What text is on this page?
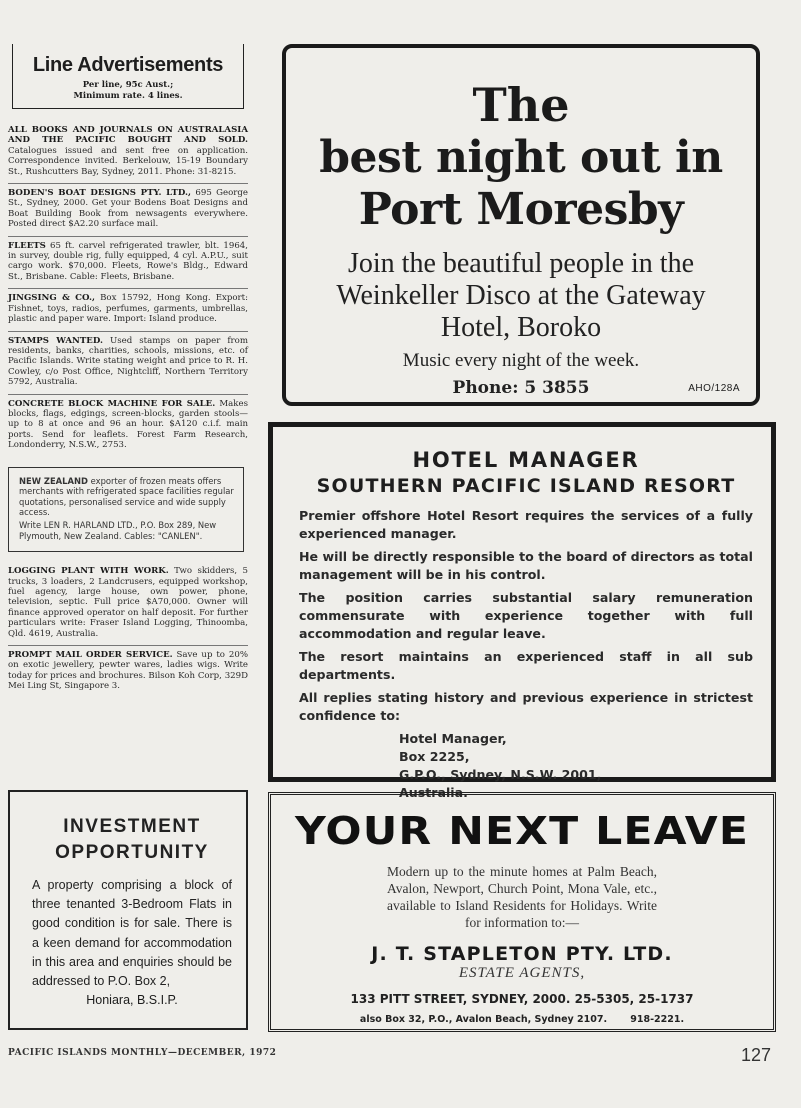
Line Advertisements
Per line, 95c Aust.;
Minimum rate. 4 lines.
ALL BOOKS AND JOURNALS ON AUSTRALASIA AND THE PACIFIC BOUGHT AND SOLD. Catalogues issued and sent free on application. Correspondence invited. Berkelouw, 15-19 Boundary St., Rushcutters Bay, Sydney, 2011. Phone: 31-8215.
BODEN'S BOAT DESIGNS PTY. LTD., 695 George St., Sydney, 2000. Get your Bodens Boat Designs and Boat Building Book from newsagents everywhere. Posted direct $A2.20 surface mail.
FLEETS 65 ft. carvel refrigerated trawler, blt. 1964, in survey, double rig, fully equipped, 4 cyl. A.P.U., suit cargo work. $70,000. Fleets, Rowe's Bldg., Edward St., Brisbane. Cable: Fleets, Brisbane.
JINGSING & CO., Box 15792, Hong Kong. Export: Fishnet, toys, radios, perfumes, garments, umbrellas, plastic and paper ware. Import: Island produce.
STAMPS WANTED. Used stamps on paper from residents, banks, charities, schools, missions, etc. of Pacific Islands. Write stating weight and price to R. H. Cowley, c/o Post Office, Nightcliff, Northern Territory 5792, Australia.
CONCRETE BLOCK MACHINE FOR SALE. Makes blocks, flags, edgings, screen-blocks, garden stools—up to 8 at once and 96 an hour. $A120 c.i.f. main ports. Send for leaflets. Forest Farm Research, Londonderry, N.S.W., 2753.

NEW ZEALAND exporter of frozen meats offers merchants with refrigerated space facilities regular quotations, personalised service and wide supply access.

Write LEN R. HARLAND LTD., P.O. Box 289, New Plymouth, New Zealand. Cables: "CANLEN".

LOGGING PLANT WITH WORK. Two skidders, 5 trucks, 3 loaders, 2 Landcrusers, equipped workshop, fuel agency, large house, own power, phone, television, septic. Full price $A70,000. Owner will finance approved operator on half deposit. For further particulars write: Fraser Island Logging, Thinoomba, Qld. 4619, Australia.
PROMPT MAIL ORDER SERVICE. Save up to 20% on exotic jewellery, pewter wares, ladies wigs. Write today for prices and brochures. Bilson Koh Corp, 329D Mei Ling St, Singapore 3.
INVESTMENT
OPPORTUNITY
A property comprising a block of three tenanted 3-Bedroom Flats in good condition is for sale. There is a keen demand for accommodation in this area and enquiries should be addressed to P.O. Box 2,
Honiara, B.S.I.P.
The
best night out in
Port Moresby
Join the beautiful people in the
Weinkeller Disco at the Gateway
Hotel, Boroko
Music every night of the week.
Phone: 5 3855	AHO/128A
HOTEL MANAGER
SOUTHERN PACIFIC ISLAND RESORT

Premier offshore Hotel Resort requires the services of a fully experienced manager.

He will be directly responsible to the board of directors as total management will be in his control.

The position carries substantial salary remuneration commensurate with experience together with full accommodation and regular leave.

The resort maintains an experienced staff in all sub departments.

All replies stating history and previous experience in strictest confidence to:

Hotel Manager,
Box 2225,
G.P.O., Sydney, N.S.W. 2001,
Australia.
YOUR NEXT LEAVE
Modern up to the minute homes at Palm Beach, Avalon, Newport, Church Point, Mona Vale, etc., available to Island Residents for Holidays. Write for information to:—
J. T. STAPLETON PTY. LTD.
ESTATE AGENTS,
133 PITT STREET, SYDNEY, 2000. 25-5305, 25-1737
also Box 32, P.O., Avalon Beach, Sydney 2107.       918-2221.
PACIFIC ISLANDS MONTHLY—DECEMBER, 1972	127
